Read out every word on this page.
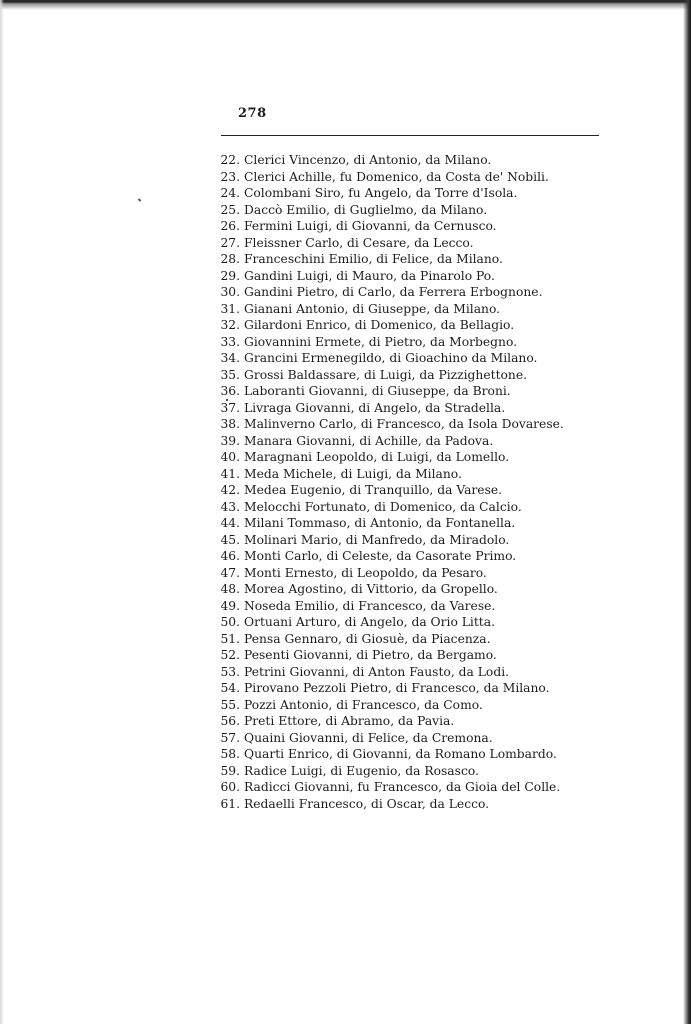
278
22. Clerici Vincenzo, di Antonio, da Milano.
23. Clerici Achille, fu Domenico, da Costa de' Nobili.
24. Colombani Siro, fu Angelo, da Torre d'Isola.
25. Daccò Emilio, di Guglielmo, da Milano.
26. Fermini Luigi, di Giovanni, da Cernusco.
27. Fleissner Carlo, di Cesare, da Lecco.
28. Franceschini Emilio, di Felice, da Milano.
29. Gandini Luigi, di Mauro, da Pinarolo Po.
30. Gandini Pietro, di Carlo, da Ferrera Erbognone.
31. Gianani Antonio, di Giuseppe, da Milano.
32. Gilardoni Enrico, di Domenico, da Bellagio.
33. Giovannini Ermete, di Pietro, da Morbegno.
34. Grancini Ermenegildo, di Gioachino da Milano.
35. Grossi Baldassare, di Luigi, da Pizzighettone.
36. Laboranti Giovanni, di Giuseppe, da Broni.
37. Livraga Giovanni, di Angelo, da Stradella.
38. Malinverno Carlo, di Francesco, da Isola Dovarese.
39. Manara Giovanni, di Achille, da Padova.
40. Maragnani Leopoldo, di Luigi, da Lomello.
41. Meda Michele, di Luigi, da Milano.
42. Medea Eugenio, di Tranquillo, da Varese.
43. Melocchi Fortunato, di Domenico, da Calcio.
44. Milani Tommaso, di Antonio, da Fontanella.
45. Molinari Mario, di Manfredo, da Miradolo.
46. Monti Carlo, di Celeste, da Casorate Primo.
47. Monti Ernesto, di Leopoldo, da Pesaro.
48. Morea Agostino, di Vittorio, da Gropello.
49. Noseda Emilio, di Francesco, da Varese.
50. Ortuani Arturo, di Angelo, da Orio Litta.
51. Pensa Gennaro, di Giosuè, da Piacenza.
52. Pesenti Giovanni, di Pietro, da Bergamo.
53. Petrini Giovanni, di Anton Fausto, da Lodi.
54. Pirovano Pezzoli Pietro, di Francesco, da Milano.
55. Pozzi Antonio, di Francesco, da Como.
56. Preti Ettore, di Abramo, da Pavia.
57. Quaini Giovanni, di Felice, da Cremona.
58. Quarti Enrico, di Giovanni, da Romano Lombardo.
59. Radice Luigi, di Eugenio, da Rosasco.
60. Radicci Giovanni, fu Francesco, da Gioia del Colle.
61. Redaelli Francesco, di Oscar, da Lecco.
